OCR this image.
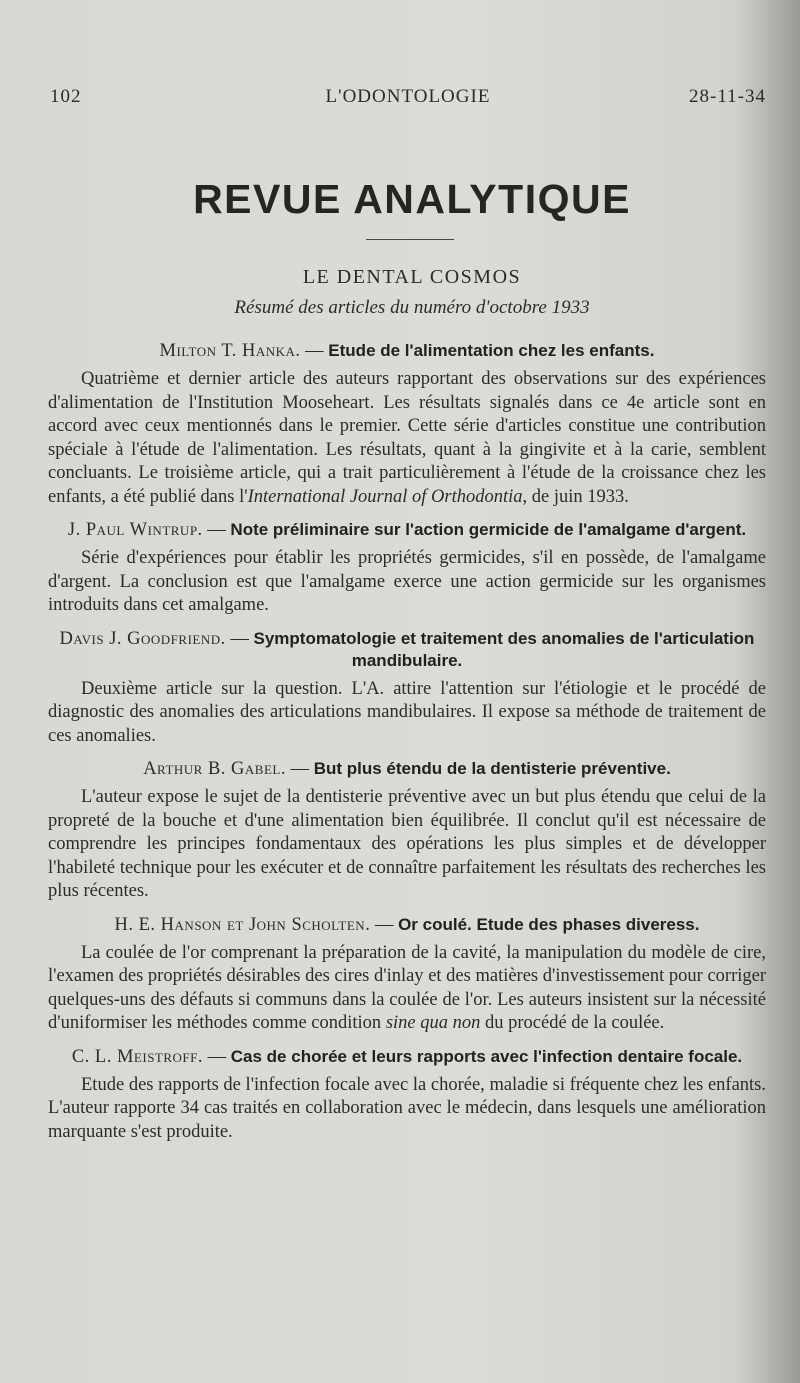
102	L'ODONTOLOGIE	28-11-34
REVUE ANALYTIQUE
LE DENTAL COSMOS
Résumé des articles du numéro d'octobre 1933
Milton T. Hanka. — Etude de l'alimentation chez les enfants.
Quatrième et dernier article des auteurs rapportant des observations sur des expériences d'alimentation de l'Institution Mooseheart. Les résultats signalés dans ce 4e article sont en accord avec ceux mentionnés dans le premier. Cette série d'articles constitue une contribution spéciale à l'étude de l'alimentation. Les résultats, quant à la gingivite et à la carie, semblent concluants. Le troisième article, qui a trait particulièrement à l'étude de la croissance chez les enfants, a été publié dans l'International Journal of Orthodontia, de juin 1933.
J. Paul Wintrup. — Note préliminaire sur l'action germicide de l'amalgame d'argent.
Série d'expériences pour établir les propriétés germicides, s'il en possède, de l'amalgame d'argent. La conclusion est que l'amalgame exerce une action germicide sur les organismes introduits dans cet amalgame.
Davis J. Goodfriend. — Symptomatologie et traitement des anomalies de l'articulation mandibulaire.
Deuxième article sur la question. L'A. attire l'attention sur l'étiologie et le procédé de diagnostic des anomalies des articulations mandibulaires. Il expose sa méthode de traitement de ces anomalies.
Arthur B. Gabel. — But plus étendu de la dentisterie préventive.
L'auteur expose le sujet de la dentisterie préventive avec un but plus étendu que celui de la propreté de la bouche et d'une alimentation bien équilibrée. Il conclut qu'il est nécessaire de comprendre les principes fondamentaux des opérations les plus simples et de développer l'habileté technique pour les exécuter et de connaître parfaitement les résultats des recherches les plus récentes.
H. E. Hanson et John Scholten. — Or coulé. Etude des phases diveress.
La coulée de l'or comprenant la préparation de la cavité, la manipulation du modèle de cire, l'examen des propriétés désirables des cires d'inlay et des matières d'investissement pour corriger quelques-uns des défauts si communs dans la coulée de l'or. Les auteurs insistent sur la nécessité d'uniformiser les méthodes comme condition sine qua non du procédé de la coulée.
C. L. Meistroff. — Cas de chorée et leurs rapports avec l'infection dentaire focale.
Etude des rapports de l'infection focale avec la chorée, maladie si fréquente chez les enfants. L'auteur rapporte 34 cas traités en collaboration avec le médecin, dans lesquels une amélioration marquante s'est produite.
